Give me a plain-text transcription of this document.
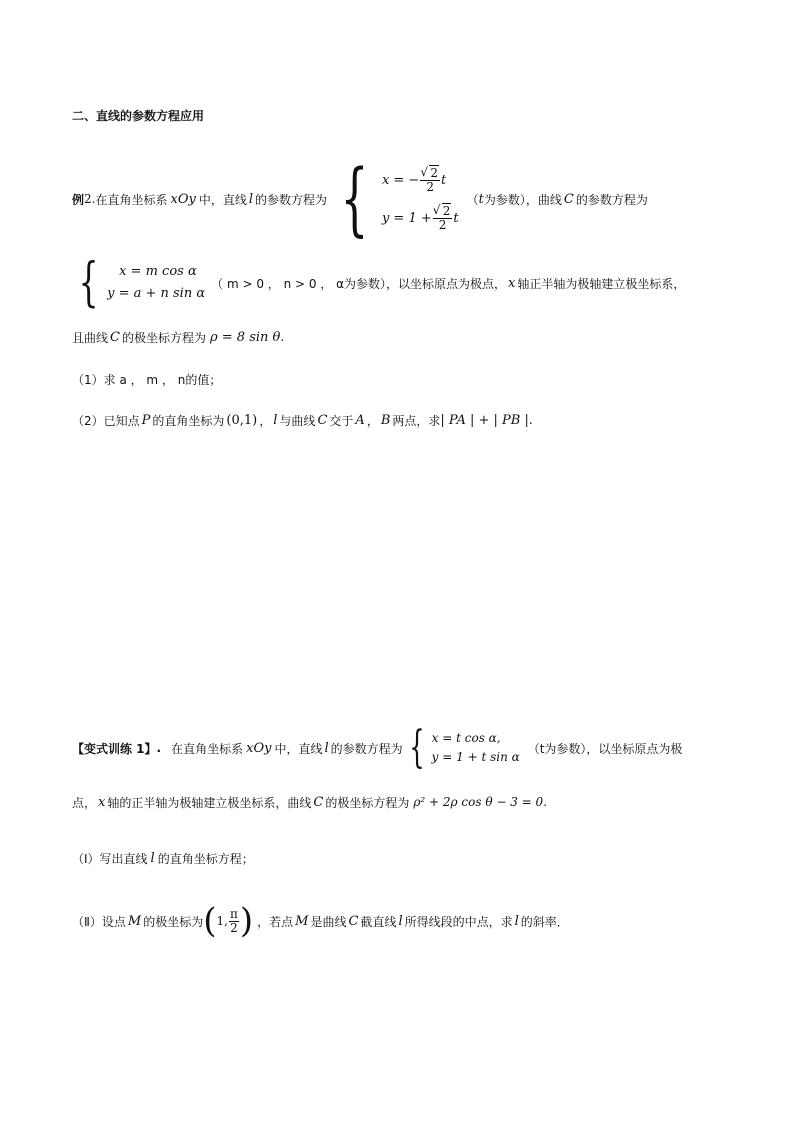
二、直线的参数方程应用
例 2. 在直角坐标系 xOy 中，直线 l 的参数方程为 { x = − √ $\frac{2}{2}$ t
y = 1 + √ $\frac{2}{2}$ t
（ t 为参数），曲线 C 的参数方程为
{	x = m cos α
y = a + n sin α
（ m > 0 ， n > 0 ， α为参数），以坐标原点为极点， x 轴正半轴为极轴建立极坐标系，
且曲线 C 的极坐标方程为 ρ = 8 sin θ .
（1）求 a ， m ， n的值；
（2）已知点 P 的直角坐标为 (0,1) ， l 与曲线 C 交于 A ， B 两点，求 | PA | + | PB | .
【变式训练 1】 . 在直角坐标系 xOy 中，直线 l 的参数方程为 { x = t cos α,
y = 1 + t sin α
（t为参数），以坐标原点为极
点， x 轴的正半轴为极轴建立极坐标系，曲线 C 的极坐标方程为 ρ² + 2ρ cos θ − 3 = 0 .
（Ⅰ）写出直线 l 的直角坐标方程；
（Ⅱ）设点 M 的极坐标为 ( 1, $\frac{\pi}{2}$ ) ，若点 M 是曲线 C 截直线 l 所得线段的中点，求 l 的斜率．
